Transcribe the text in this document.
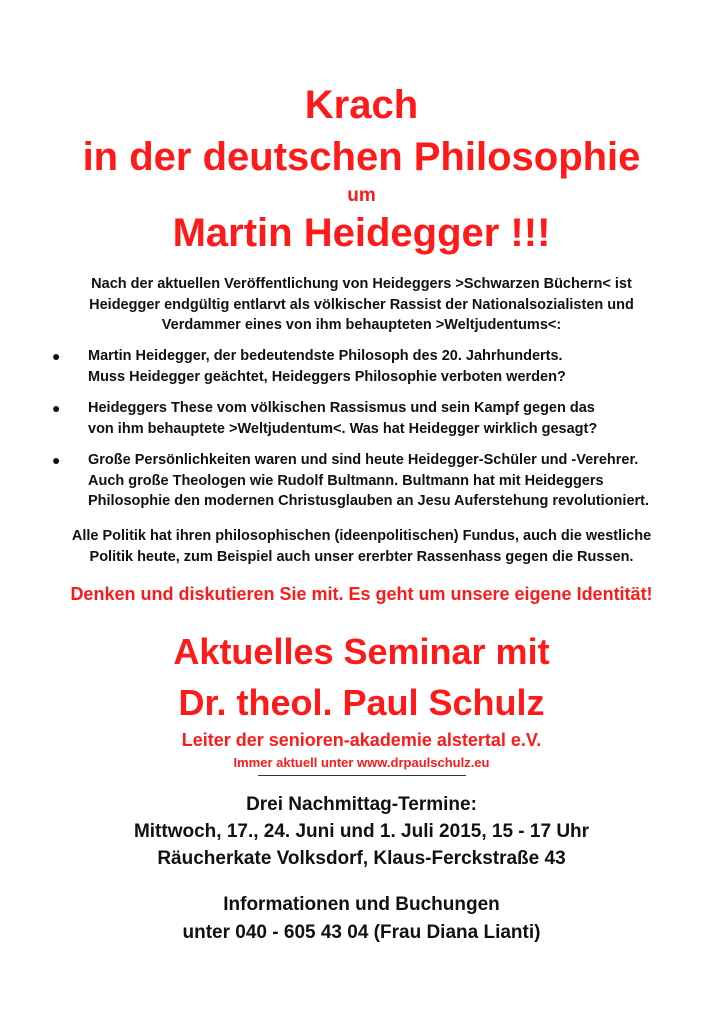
Krach
in der deutschen Philosophie
um
Martin Heidegger !!!
Nach der aktuellen Veröffentlichung von Heideggers >Schwarzen Büchern< ist
Heidegger endgültig entlarvt als völkischer Rassist der Nationalsozialisten und
Verdammer eines von ihm behaupteten >Weltjudentums<:
● Martin Heidegger, der bedeutendste Philosoph des 20. Jahrhunderts.
Muss Heidegger geächtet, Heideggers Philosophie verboten werden?
● Heideggers These vom völkischen Rassismus und sein Kampf gegen das
von ihm behauptete >Weltjudentum<. Was hat Heidegger wirklich gesagt?
● Große Persönlichkeiten waren und sind heute Heidegger-Schüler und -Verehrer.
Auch große Theologen wie Rudolf Bultmann. Bultmann hat mit Heideggers
Philosophie den modernen Christusglauben an Jesu Auferstehung revolutioniert.
Alle Politik hat ihren philosophischen (ideenpolitischen) Fundus, auch die westliche
Politik heute, zum Beispiel auch unser ererbter Rassenhass gegen die Russen.
Denken und diskutieren Sie mit. Es geht um unsere eigene Identität!
Aktuelles Seminar mit
Dr. theol. Paul Schulz
Leiter der senioren-akademie alstertal e.V.
Immer aktuell unter www.drpaulschulz.eu
Drei Nachmittag-Termine:
Mittwoch, 17., 24. Juni und 1. Juli 2015, 15 - 17 Uhr
Räucherkate Volksdorf, Klaus-Ferckstraße 43
Informationen und Buchungen
unter 040 - 605 43 04 (Frau Diana Lianti)
